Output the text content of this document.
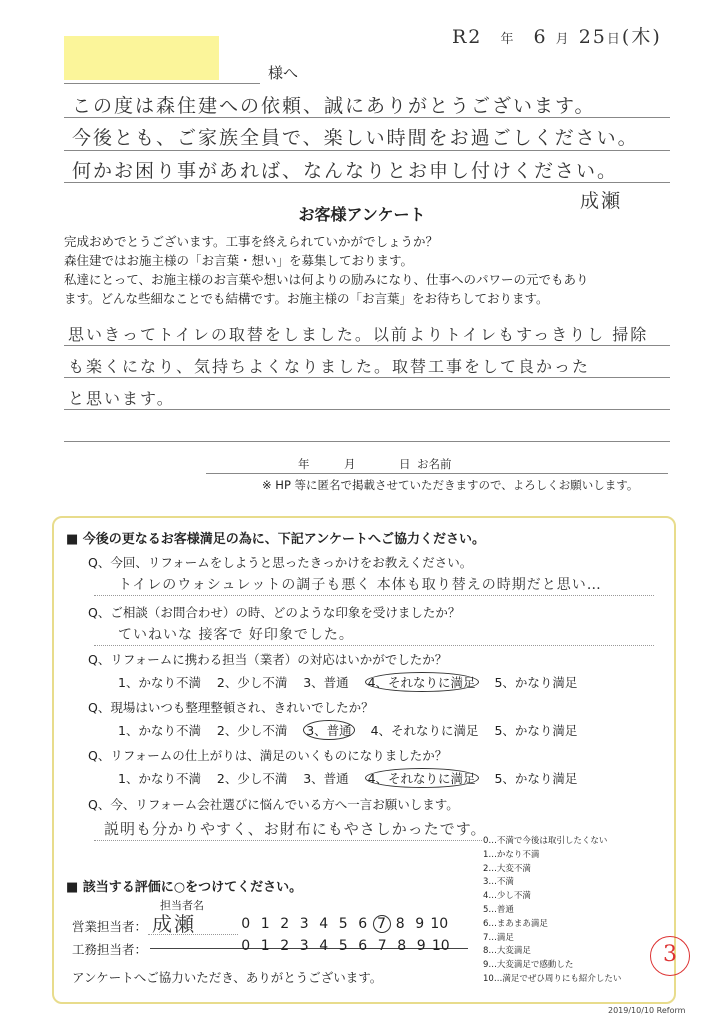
R2 年 6 月 25日(木)
様へ
この度は森住建への依頼、誠にありがとうございます。
今後とも、ご家族全員で、楽しい時間をお過ごしください。
何かお困り事があれば、なんなりとお申し付けください。
成瀬
お客様アンケート
完成おめでとうございます。工事を終えられていかがでしょうか？
森住建ではお施主様の「お言葉・想い」を募集しております。
私達にとって、お施主様のお言葉や想いは何よりの励みになり、仕事へのパワーの元でもあり
ます。どんな些細なことでも結構です。お施主様の「お言葉」をお待ちしております。
思いきってトイレの取替をしました。以前よりトイレもすっきりし 掃除
も楽くになり、気持ちよくなりました。取替工事をして良かった
と思います。
年	月	日 お名前
※ HP 等に匿名で掲載させていただきますので、よろしくお願いします。
■ 今後の更なるお客様満足の為に、下記アンケートへご協力ください。
Q、今回、リフォームをしようと思ったきっかけをお教えください。
トイレのウォシュレットの調子も悪く 本体も取り替えの時期だと思い…
Q、ご相談（お問合わせ）の時、どのような印象を受けましたか？
ていねいな 接客で 好印象でした。
Q、リフォームに携わる担当（業者）の対応はいかがでしたか？
1、かなり不満 2、少し不満 3、普通 4、それなりに満足 5、かなり満足
Q、現場はいつも整理整頓され、きれいでしたか？
1、かなり不満 2、少し不満 3、普通 4、それなりに満足 5、かなり満足
Q、リフォームの仕上がりは、満足のいくものになりましたか？
1、かなり不満 2、少し不満 3、普通 4、それなりに満足 5、かなり満足
Q、今、リフォーム会社選びに悩んでいる方へ一言お願いします。
説明も分かりやすく、お財布にもやさしかったです。
0…不満で今後は取引したくない
1…かなり不満
2…大変不満
3…不満
4…少し不満
5…普通
6…まあまあ満足
7…満足
8…大変満足
9…大変満足で感動した
10…満足でぜひ周りにも紹介したい
■ 該当する評価に○をつけてください。
担当者名
営業担当者： 成瀬	0 1 2 3 4 5 6 7 8 9 10
工務担当者：	0 1 2 3 4 5 6 7 8 9 10
アンケートへご協力いただき、ありがとうございます。
3
2019/10/10 Reform
